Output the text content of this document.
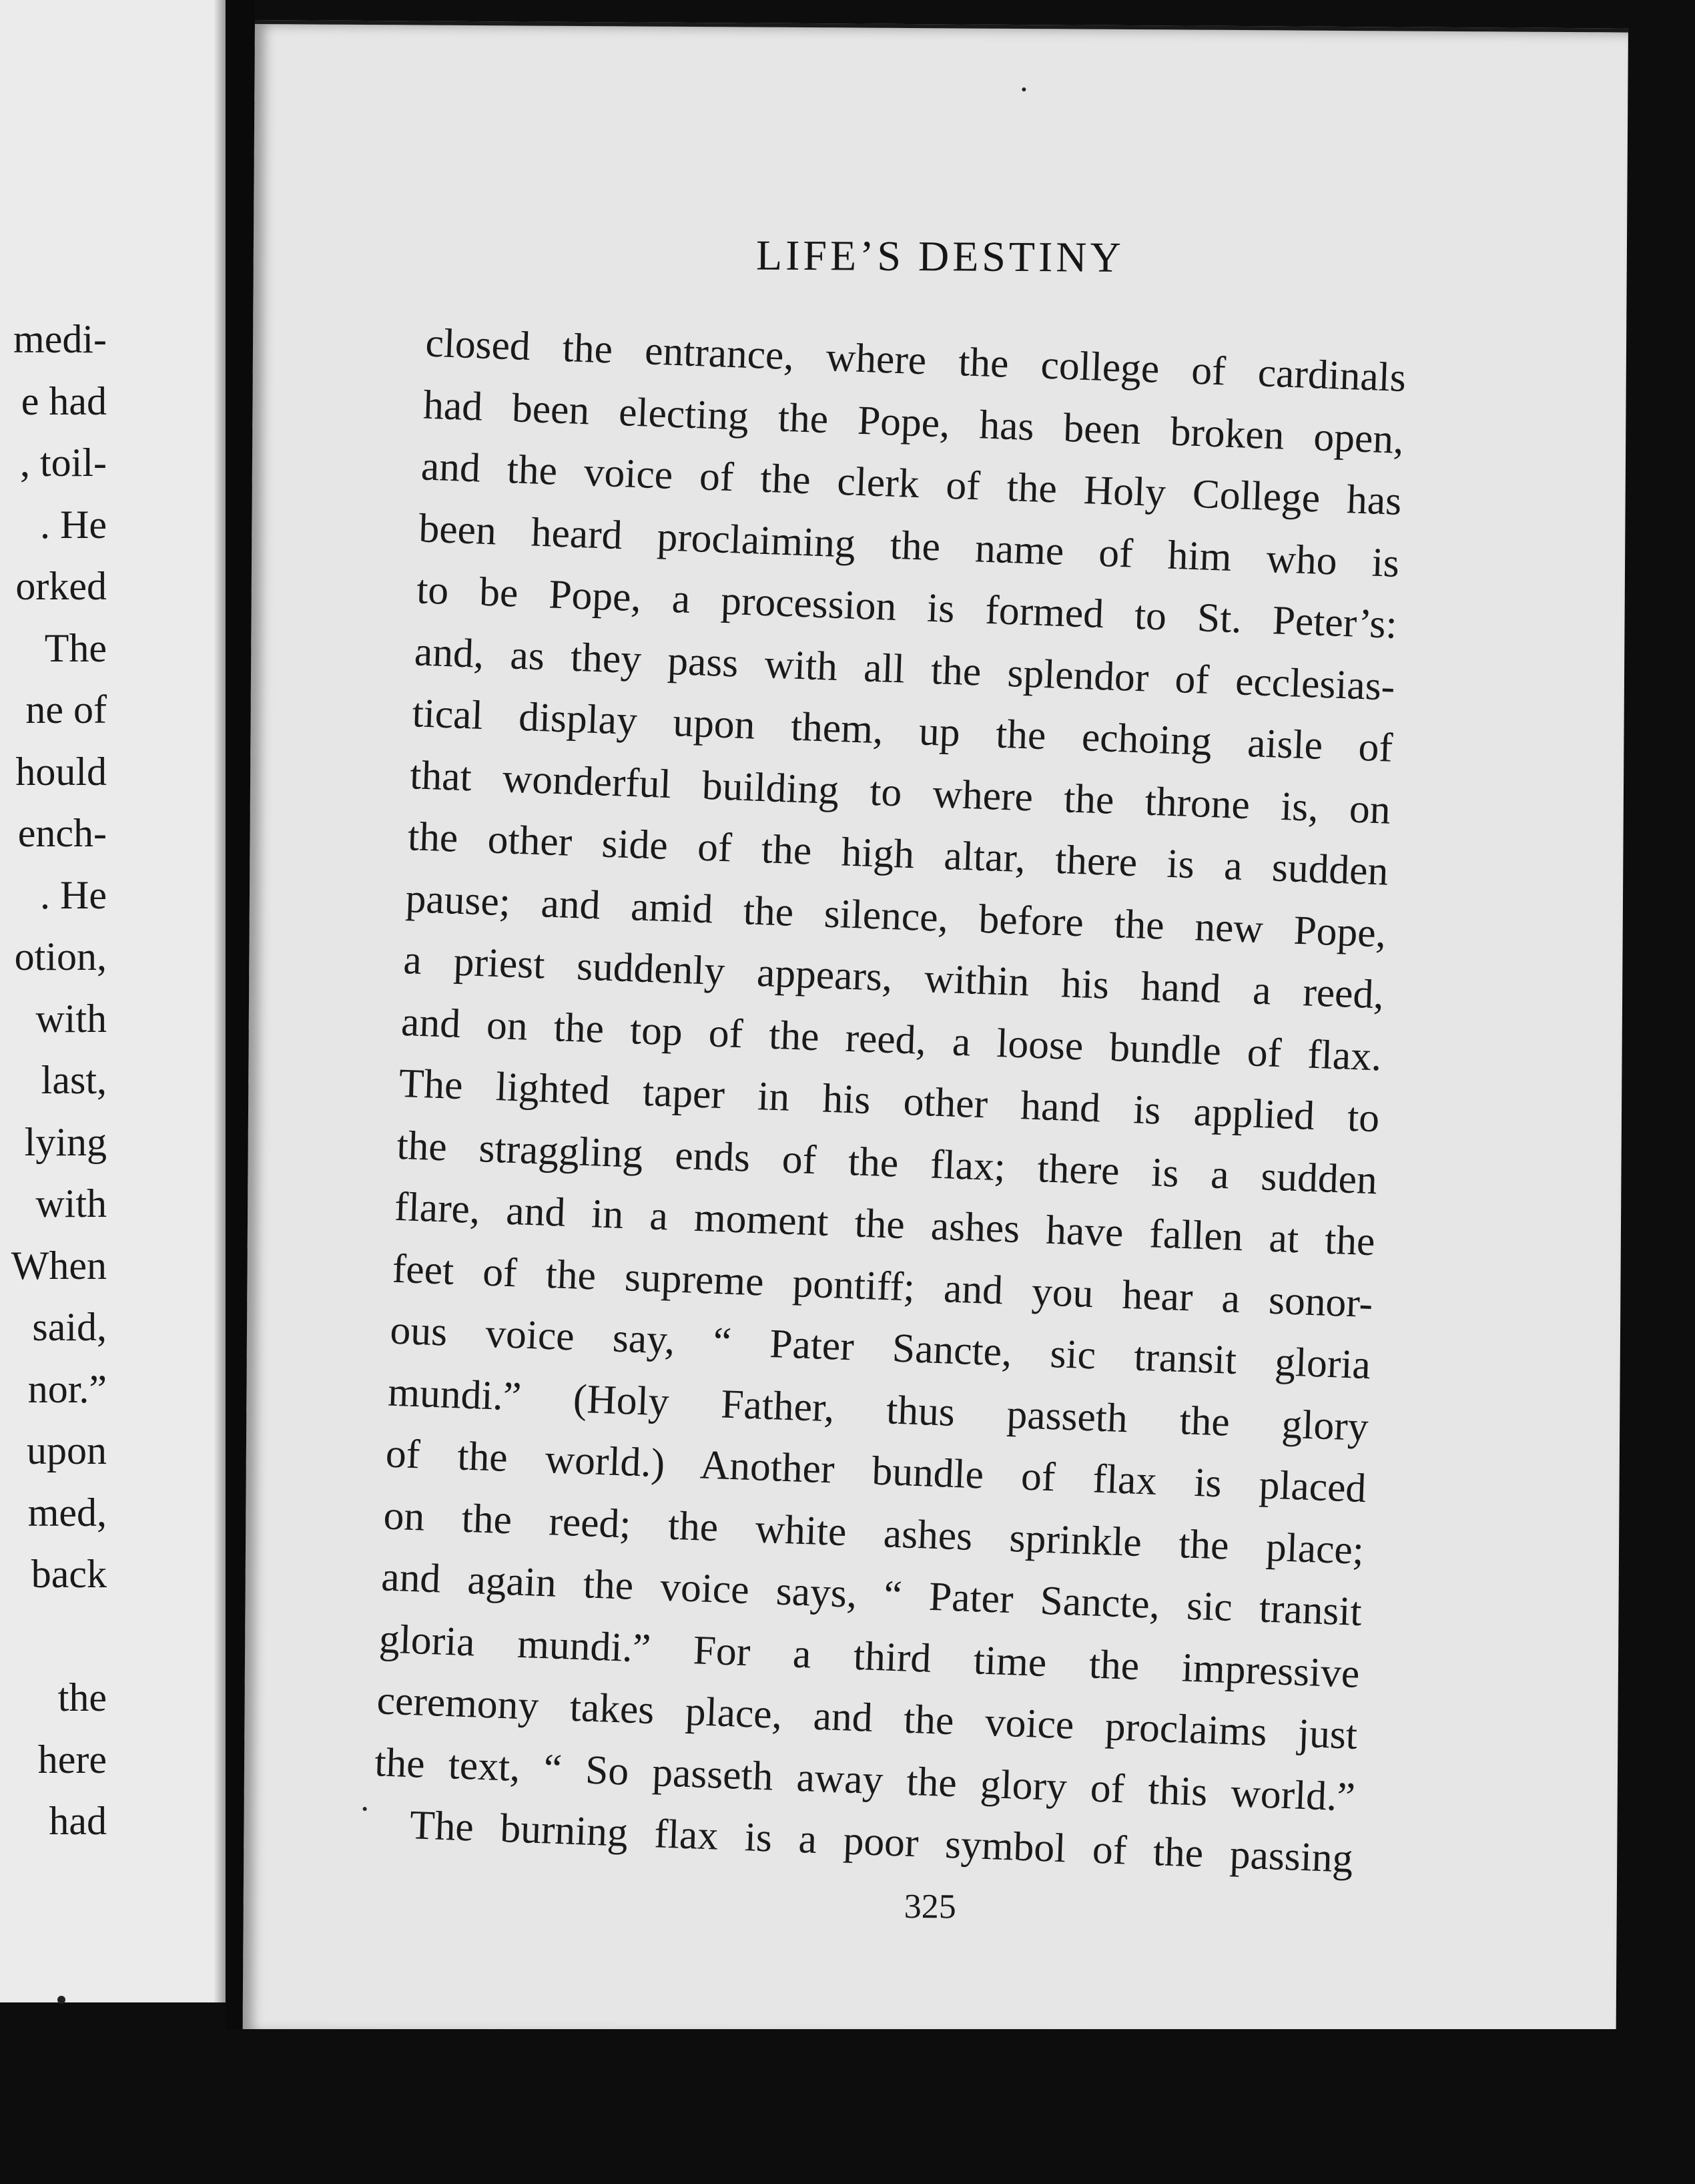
medi-
e had
, toil-
. He
orked
The
ne of
hould
ench-
. He
otion,
with
last,
lying
with
When
said,
nor.”
upon
med,
back
the
here
had
LIFE’S DESTINY
closed the entrance, where the college of cardinals
had been electing the Pope, has been broken open,
and the voice of the clerk of the Holy College has
been heard proclaiming the name of him who is
to be Pope, a procession is formed to St. Peter’s:
and, as they pass with all the splendor of ecclesias-
tical display upon them, up the echoing aisle of
that wonderful building to where the throne is, on
the other side of the high altar, there is a sudden
pause; and amid the silence, before the new Pope,
a priest suddenly appears, within his hand a reed,
and on the top of the reed, a loose bundle of flax.
The lighted taper in his other hand is applied to
the straggling ends of the flax; there is a sudden
flare, and in a moment the ashes have fallen at the
feet of the supreme pontiff; and you hear a sonor-
ous voice say, “ Pater Sancte, sic transit gloria
mundi.” (Holy Father, thus passeth the glory
of the world.) Another bundle of flax is placed
on the reed; the white ashes sprinkle the place;
and again the voice says, “ Pater Sancte, sic transit
gloria mundi.” For a third time the impressive
ceremony takes place, and the voice proclaims just
the text, “ So passeth away the glory of this world.”
The burning flax is a poor symbol of the passing
325
